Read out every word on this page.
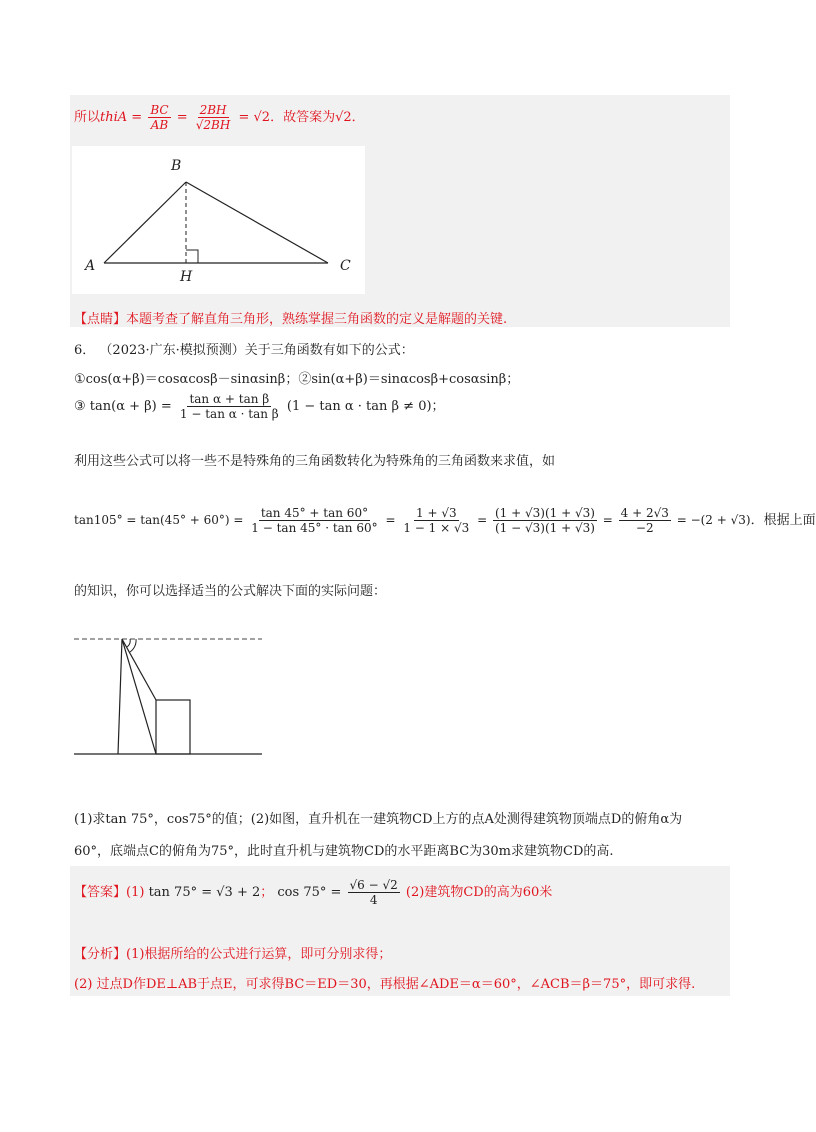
所以thiA = $\frac{BC}{AB} = \frac{2BH}{√2BH} = √2$．故答案为√2．
B
A
H
C
【点睛】本题考查了解直角三角形，熟练掌握三角函数的定义是解题的关键.
6． （2023·广东·模拟预测）关于三角函数有如下的公式：
①cos(α+β)＝cosαcosβ－sinαsinβ；②sin(α+β)＝sinαcosβ+cosαsinβ；
③ $\tan(\alpha + \beta) = \frac{\text{tan α + tan β}}{\text{1 − tan α · tan β}} (1 - \tan \alpha \cdot \tan \beta \ne 0)$；
利用这些公式可以将一些不是特殊角的三角函数转化为特殊角的三角函数来求值，如
$\tan 105^\circ = \tan(45^\circ + 60^\circ) = \frac{\tan 45^\circ + \tan 60^\circ}{1 - \tan 45^\circ \cdot \tan 60^\circ} = \frac{1 + √3}{1 - 1 \times √3} = \frac{(1 + √3)(1 + √3)}{(1 - √3)(1 + √3)} = \frac{4 + 2√3}{-2} = -(2 + √3)$．根据上面
的知识，你可以选择适当的公式解决下面的实际问题：
(1)求tan 75°，cos75°的值；(2)如图，直升机在一建筑物CD上方的点A处测得建筑物顶端点D的俯角α为
60°，底端点C的俯角为75°，此时直升机与建筑物CD的水平距离BC为30m求建筑物CD的高.
【答案】(1) tan 75° = √3 + 2； $\cos 75^\circ = \frac{√6 - √2}{4} (2)$建筑物CD的高为60米
【分析】(1)根据所给的公式进行运算，即可分别求得；
(2) 过点D作DE⊥AB于点E，可求得BC＝ED＝30，再根据∠ADE＝α＝60°，∠ACB＝β＝75°，即可求得.
